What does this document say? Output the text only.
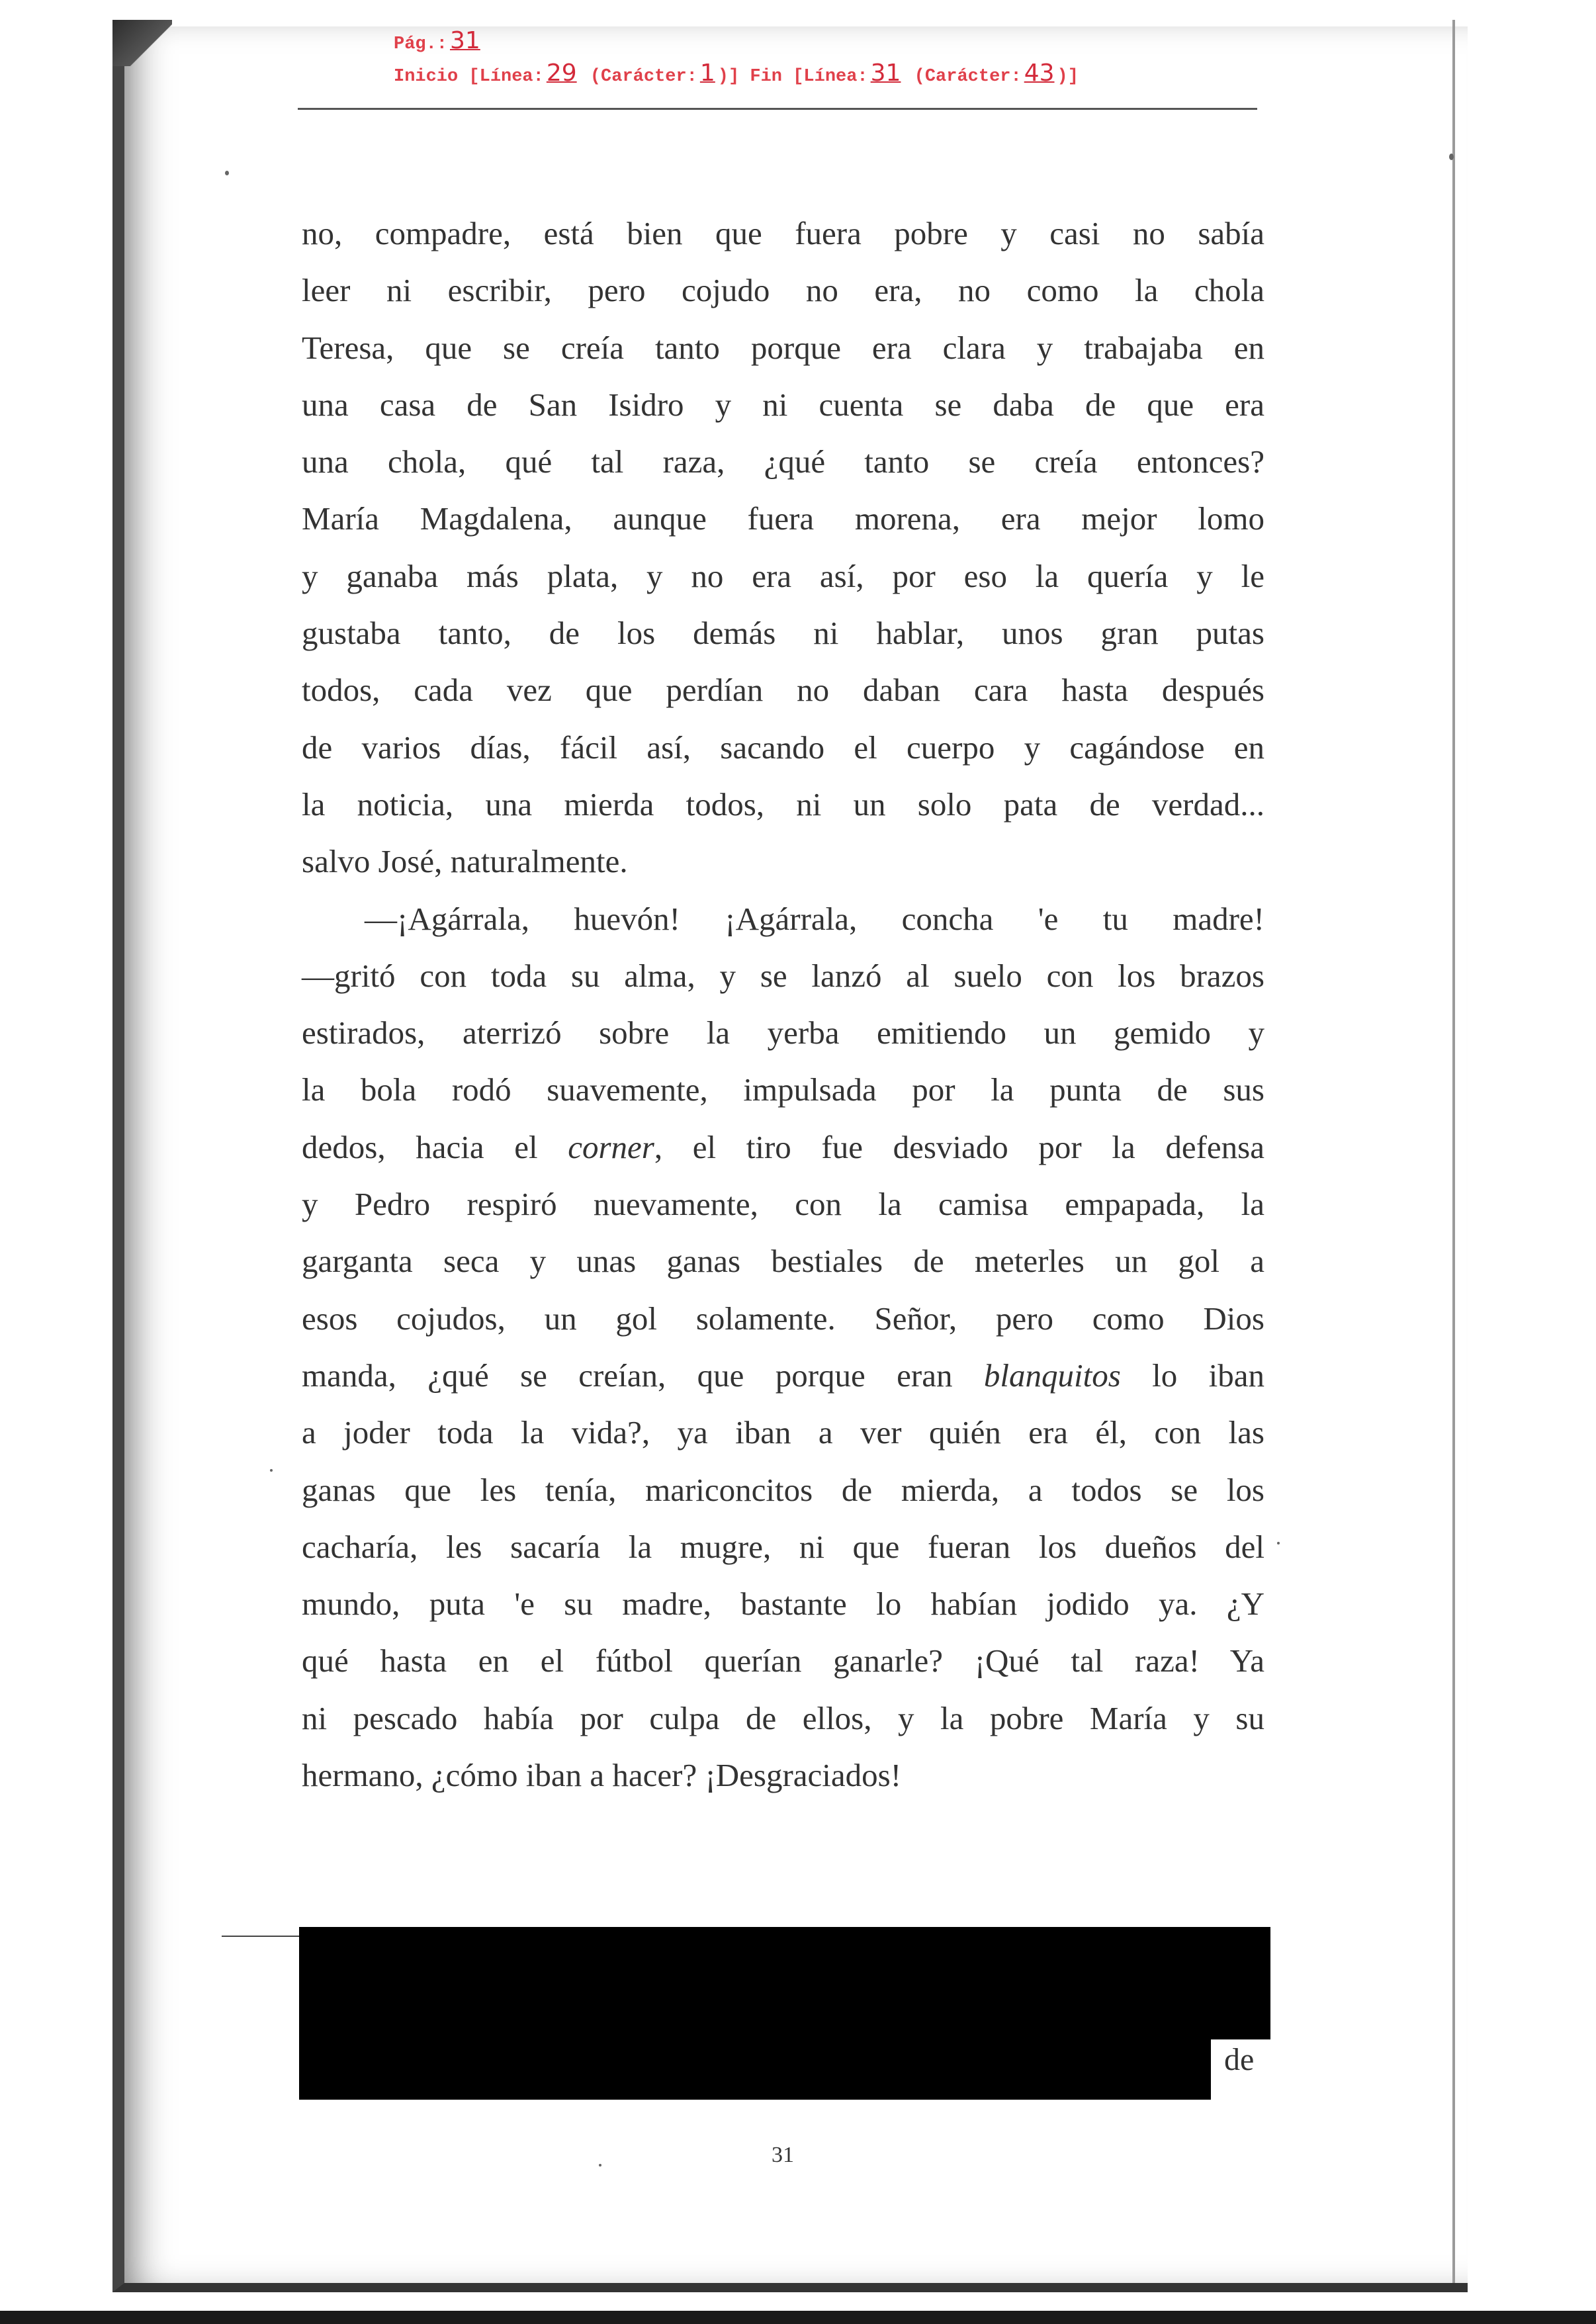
Pág.: 31
Inicio [Línea: 29 (Carácter: 1 )] Fin [Línea: 31 (Carácter: 43 )]
no, compadre, está bien que fuera pobre y casi no sabía
leer ni escribir, pero cojudo no era, no como la chola
Teresa, que se creía tanto porque era clara y trabajaba en
una casa de San Isidro y ni cuenta se daba de que era
una chola, qué tal raza, ¿qué tanto se creía entonces?
María Magdalena, aunque fuera morena, era mejor lomo
y ganaba más plata, y no era así, por eso la quería y le
gustaba tanto, de los demás ni hablar, unos gran putas
todos, cada vez que perdían no daban cara hasta después
de varios días, fácil así, sacando el cuerpo y cagándose en
la noticia, una mierda todos, ni un solo pata de verdad...
salvo José, naturalmente.
—¡Agárrala, huevón! ¡Agárrala, concha 'e tu madre!
—gritó con toda su alma, y se lanzó al suelo con los brazos
estirados, aterrizó sobre la yerba emitiendo un gemido y
la bola rodó suavemente, impulsada por la punta de sus
dedos, hacia el corner, el tiro fue desviado por la defensa
y Pedro respiró nuevamente, con la camisa empapada, la
garganta seca y unas ganas bestiales de meterles un gol a
esos cojudos, un gol solamente. Señor, pero como Dios
manda, ¿qué se creían, que porque eran blanquitos lo iban
a joder toda la vida?, ya iban a ver quién era él, con las
ganas que les tenía, mariconcitos de mierda, a todos se los
cacharía, les sacaría la mugre, ni que fueran los dueños del
mundo, puta 'e su madre, bastante lo habían jodido ya. ¿Y
qué hasta en el fútbol querían ganarle? ¡Qué tal raza! Ya
ni pescado había por culpa de ellos, y la pobre María y su
hermano, ¿cómo iban a hacer? ¡Desgraciados!
de
31
